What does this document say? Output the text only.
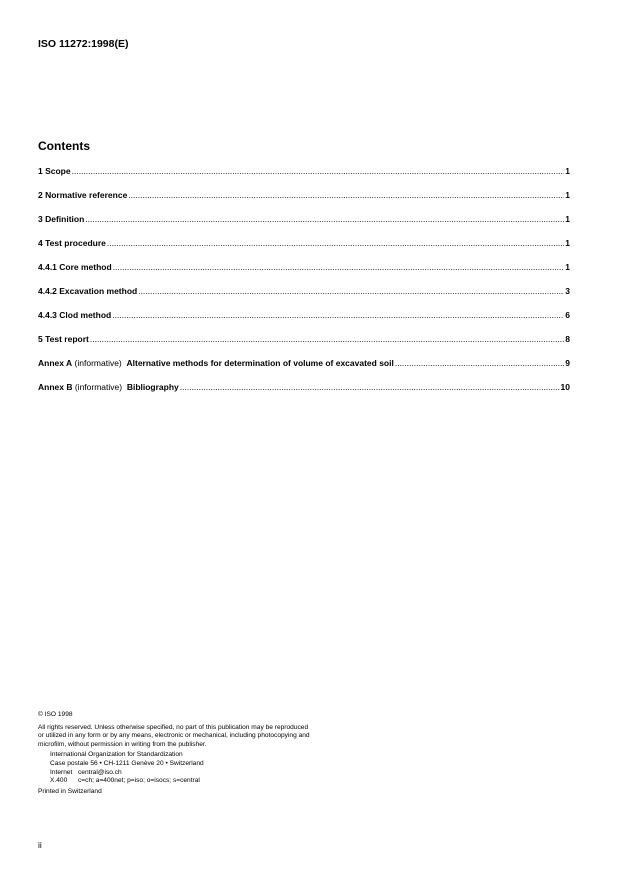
ISO 11272:1998(E)
Contents
1 Scope .....	1
2 Normative reference .....	1
3 Definition .....	1
4 Test procedure .....	1
4.4.1 Core method .....	1
4.4.2 Excavation method .....	3
4.4.3 Clod method .....	6
5 Test report .....	8
Annex A (informative)  Alternative methods for determination of volume of excavated soil .....	9
Annex B (informative)  Bibliography .....	10
© ISO 1998
All rights reserved. Unless otherwise specified, no part of this publication may be reproduced
or utilized in any form or by any means, electronic or mechanical, including photocopying and
microfilm, without permission in writing from the publisher.
International Organization for Standardization
Case postale 56 • CH-1211 Genève 20 • Switzerland
Internet central@iso.ch
X.400	c=ch; a=400net; p=iso; o=isocs; s=central
Printed in Switzerland
ii
